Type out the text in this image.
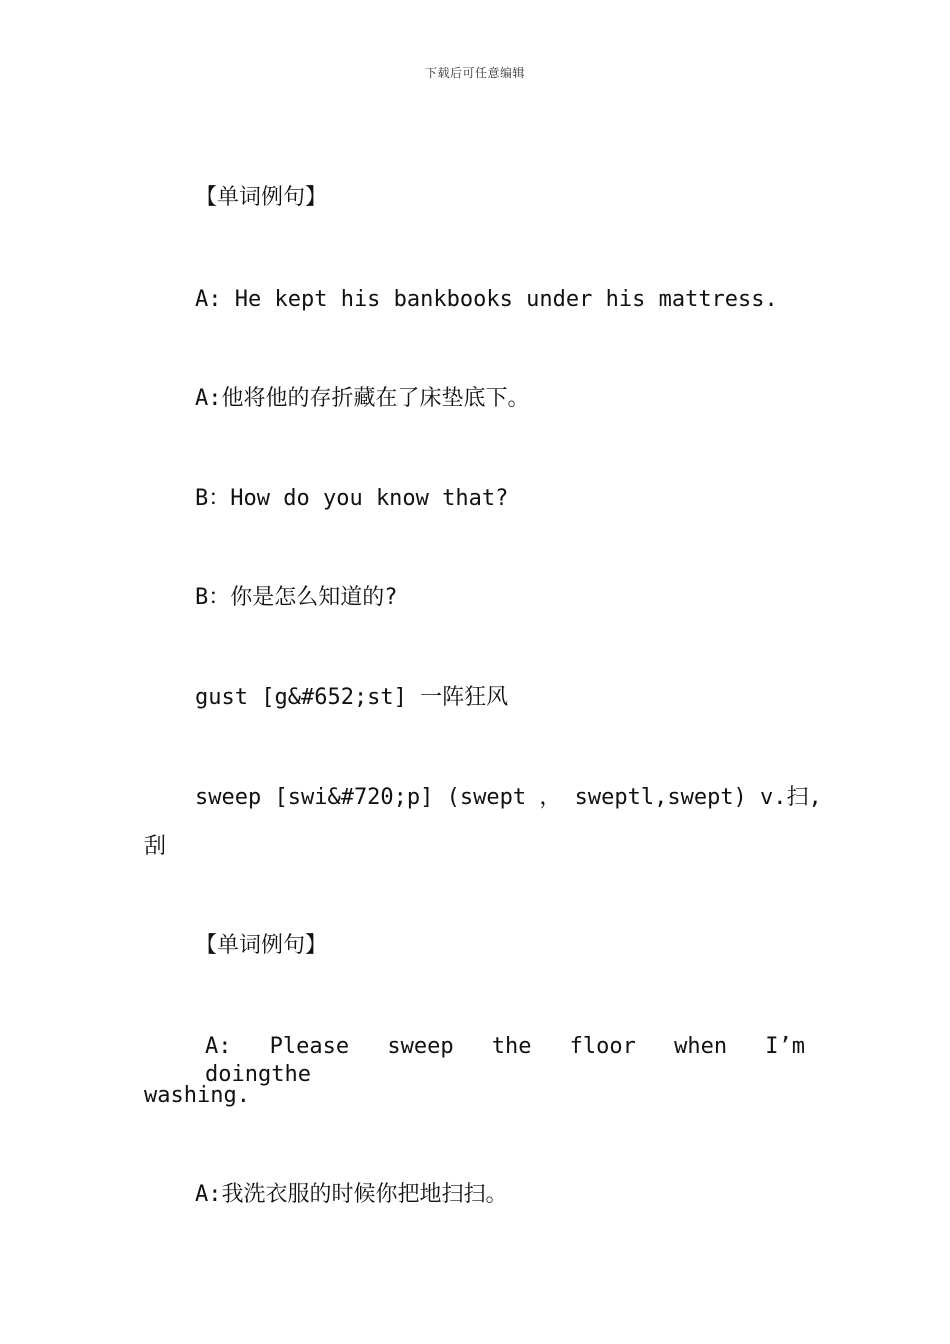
下载后可任意编辑
【单词例句】
A: He kept his bankbooks under his mattress.
A:他将他的存折藏在了床垫底下。
B：How do you know that?
B：你是怎么知道的?
gust [g&#652;st] 一阵狂风
sweep [swi&#720;p] (swept ， sweptl,swept) v.扫,
刮
【单词例句】
A: Please sweep the floor when I’m doingthe
washing.
A:我洗衣服的时候你把地扫扫。
